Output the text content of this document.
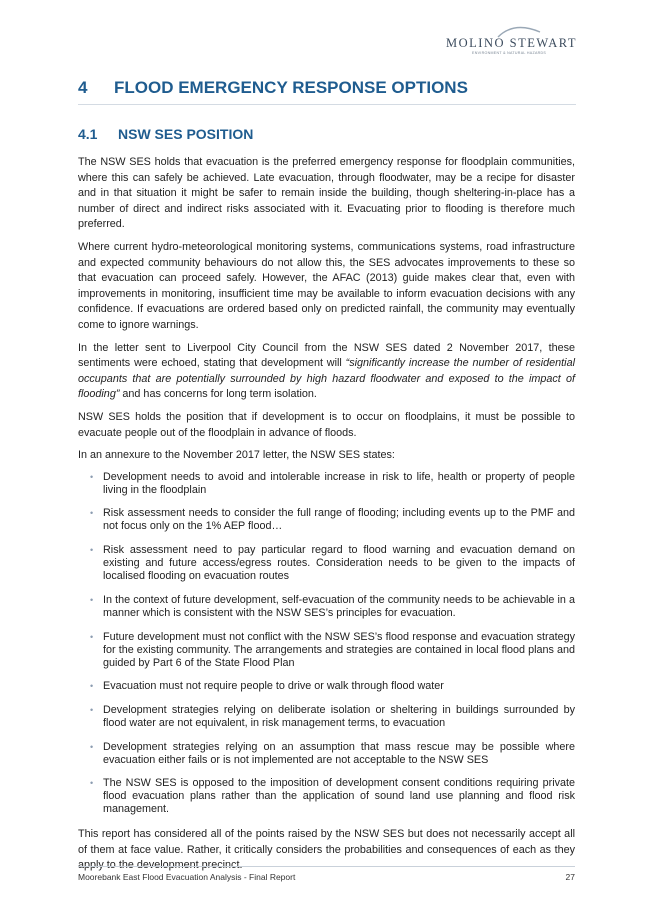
MOLINO STEWART
ENVIRONMENT & NATURAL HAZARDS
4 FLOOD EMERGENCY RESPONSE OPTIONS
4.1 NSW SES POSITION

The NSW SES holds that evacuation is the preferred emergency response for floodplain communities, where this can safely be achieved. Late evacuation, through floodwater, may be a recipe for disaster and in that situation it might be safer to remain inside the building, though sheltering-in-place has a number of direct and indirect risks associated with it. Evacuating prior to flooding is therefore much preferred.

Where current hydro-meteorological monitoring systems, communications systems, road infrastructure and expected community behaviours do not allow this, the SES advocates improvements to these so that evacuation can proceed safely. However, the AFAC (2013) guide makes clear that, even with improvements in monitoring, insufficient time may be available to inform evacuation decisions with any confidence. If evacuations are ordered based only on predicted rainfall, the community may eventually come to ignore warnings.

In the letter sent to Liverpool City Council from the NSW SES dated 2 November 2017, these sentiments were echoed, stating that development will “significantly increase the number of residential occupants that are potentially surrounded by high hazard floodwater and exposed to the impact of flooding” and has concerns for long term isolation.

NSW SES holds the position that if development is to occur on floodplains, it must be possible to evacuate people out of the floodplain in advance of floods.

In an annexure to the November 2017 letter, the NSW SES states:

• Development needs to avoid and intolerable increase in risk to life, health or property of people living in the floodplain
• Risk assessment needs to consider the full range of flooding; including events up to the PMF and not focus only on the 1% AEP flood…
• Risk assessment need to pay particular regard to flood warning and evacuation demand on existing and future access/egress routes. Consideration needs to be given to the impacts of localised flooding on evacuation routes
• In the context of future development, self-evacuation of the community needs to be achievable in a manner which is consistent with the NSW SES’s principles for evacuation.
• Future development must not conflict with the NSW SES’s flood response and evacuation strategy for the existing community. The arrangements and strategies are contained in local flood plans and guided by Part 6 of the State Flood Plan
• Evacuation must not require people to drive or walk through flood water
• Development strategies relying on deliberate isolation or sheltering in buildings surrounded by flood water are not equivalent, in risk management terms, to evacuation
• Development strategies relying on an assumption that mass rescue may be possible where evacuation either fails or is not implemented are not acceptable to the NSW SES
• The NSW SES is opposed to the imposition of development consent conditions requiring private flood evacuation plans rather than the application of sound land use planning and flood risk management.

This report has considered all of the points raised by the NSW SES but does not necessarily accept all of them at face value. Rather, it critically considers the probabilities and consequences of each as they

Moorebank East Flood Evacuation Analysis - Final Report	27
